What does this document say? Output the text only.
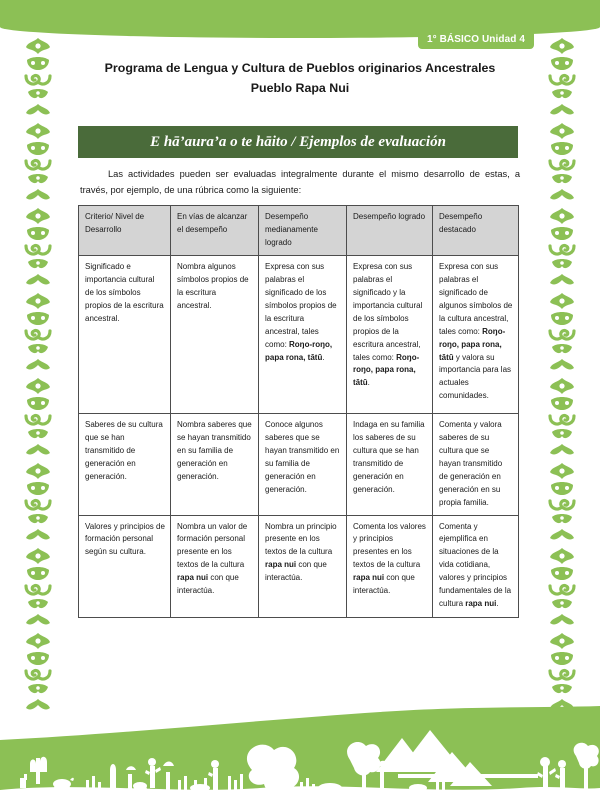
1° BÁSICO Unidad 4
Programa de Lengua y Cultura de Pueblos originarios Ancestrales
Pueblo Rapa Nui
E hā’aura’a o te hāito / Ejemplos de evaluación
Las actividades pueden ser evaluadas integralmente durante el mismo desarrollo de estas, a través, por ejemplo, de una rúbrica como la siguiente:
Criterio/ Nivel de Desarrollo	En vías de alcanzar el desempeño	Desempeño medianamente logrado	Desempeño logrado	Desempeño destacado
Significado e importancia cultural de los símbolos propios de la escritura ancestral.	Nombra algunos símbolos propios de la escritura ancestral.	Expresa con sus palabras el significado de los símbolos propios de la escritura ancestral, tales como: Roŋo-roŋo, papa rona, tātū.	Expresa con sus palabras el significado y la importancia cultural de los símbolos propios de la escritura ancestral, tales como: Roŋo-roŋo, papa rona, tātū.	Expresa con sus palabras el significado de algunos símbolos de la cultura ancestral, tales como: Roŋo-roŋo, papa rona, tātū y valora su importancia para las actuales comunidades.
Saberes de su cultura que se han transmitido de generación en generación.	Nombra saberes que se hayan transmitido en su familia de generación en generación.	Conoce algunos saberes que se hayan transmitido en su familia de generación en generación.	Indaga en su familia los saberes de su cultura que se han transmitido de generación en generación.	Comenta y valora saberes de su cultura que se hayan transmitido de generación en generación en su propia familia.
Valores y principios de formación personal según su cultura.	Nombra un valor de formación personal presente en los textos de la cultura rapa nui con que interactúa.	Nombra un principio presente en los textos de la cultura rapa nui con que interactúa.	Comenta los valores y principios presentes en los textos de la cultura rapa nui con que interactúa.	Comenta y ejemplifica en situaciones de la vida cotidiana, valores y principios fundamentales de la cultura rapa nui.
